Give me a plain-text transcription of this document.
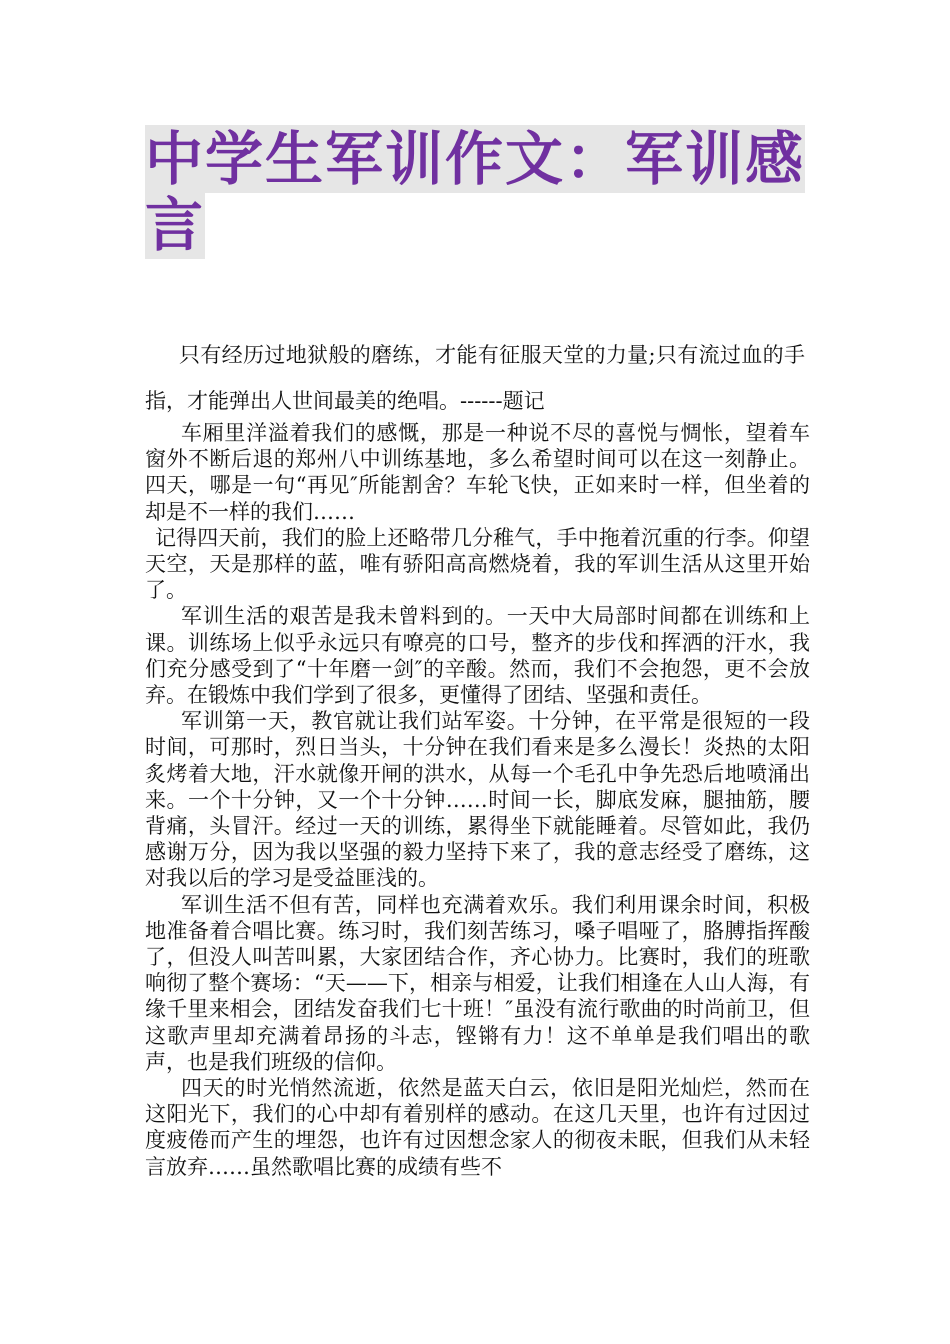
中学生军训作文：军训感言

只有经历过地狱般的磨练，才能有征服天堂的力量;只有流过血的手指，才能弹出人世间最美的绝唱。------题记

车厢里洋溢着我们的感慨，那是一种说不尽的喜悦与惆怅，望着车窗外不断后退的郑州八中训练基地，多么希望时间可以在这一刻静止。四天，哪是一句“再见″所能割舍？车轮飞快，正如来时一样，但坐着的却是不一样的我们……

记得四天前，我们的脸上还略带几分稚气，手中拖着沉重的行李。仰望天空，天是那样的蓝，唯有骄阳高高燃烧着，我的军训生活从这里开始了。

军训生活的艰苦是我未曾料到的。一天中大局部时间都在训练和上课。训练场上似乎永远只有嘹亮的口号，整齐的步伐和挥洒的汗水，我们充分感受到了“十年磨一剑″的辛酸。然而，我们不会抱怨，更不会放弃。在锻炼中我们学到了很多，更懂得了团结、坚强和责任。

军训第一天，教官就让我们站军姿。十分钟，在平常是很短的一段时间，可那时，烈日当头，十分钟在我们看来是多么漫长！炎热的太阳炙烤着大地，汗水就像开闸的洪水，从每一个毛孔中争先恐后地喷涌出来。一个十分钟，又一个十分钟……时间一长，脚底发麻，腿抽筋，腰背痛，头冒汗。经过一天的训练，累得坐下就能睡着。尽管如此，我仍感谢万分，因为我以坚强的毅力坚持下来了，我的意志经受了磨练，这对我以后的学习是受益匪浅的。

军训生活不但有苦，同样也充满着欢乐。我们利用课余时间，积极地准备着合唱比赛。练习时，我们刻苦练习，嗓子唱哑了，胳膊指挥酸了，但没人叫苦叫累，大家团结合作，齐心协力。比赛时，我们的班歌响彻了整个赛场：“天——下，相亲与相爱，让我们相逢在人山人海，有缘千里来相会，团结发奋我们七十班！″虽没有流行歌曲的时尚前卫，但这歌声里却充满着昂扬的斗志，铿锵有力！这不单单是我们唱出的歌声，也是我们班级的信仰。

四天的时光悄然流逝，依然是蓝天白云，依旧是阳光灿烂，然而在这阳光下，我们的心中却有着别样的感动。在这几天里，也许有过因过度疲倦而产生的埋怨，也许有过因想念家人的彻夜未眠，但我们从未轻言放弃……虽然歌唱比赛的成绩有些不
